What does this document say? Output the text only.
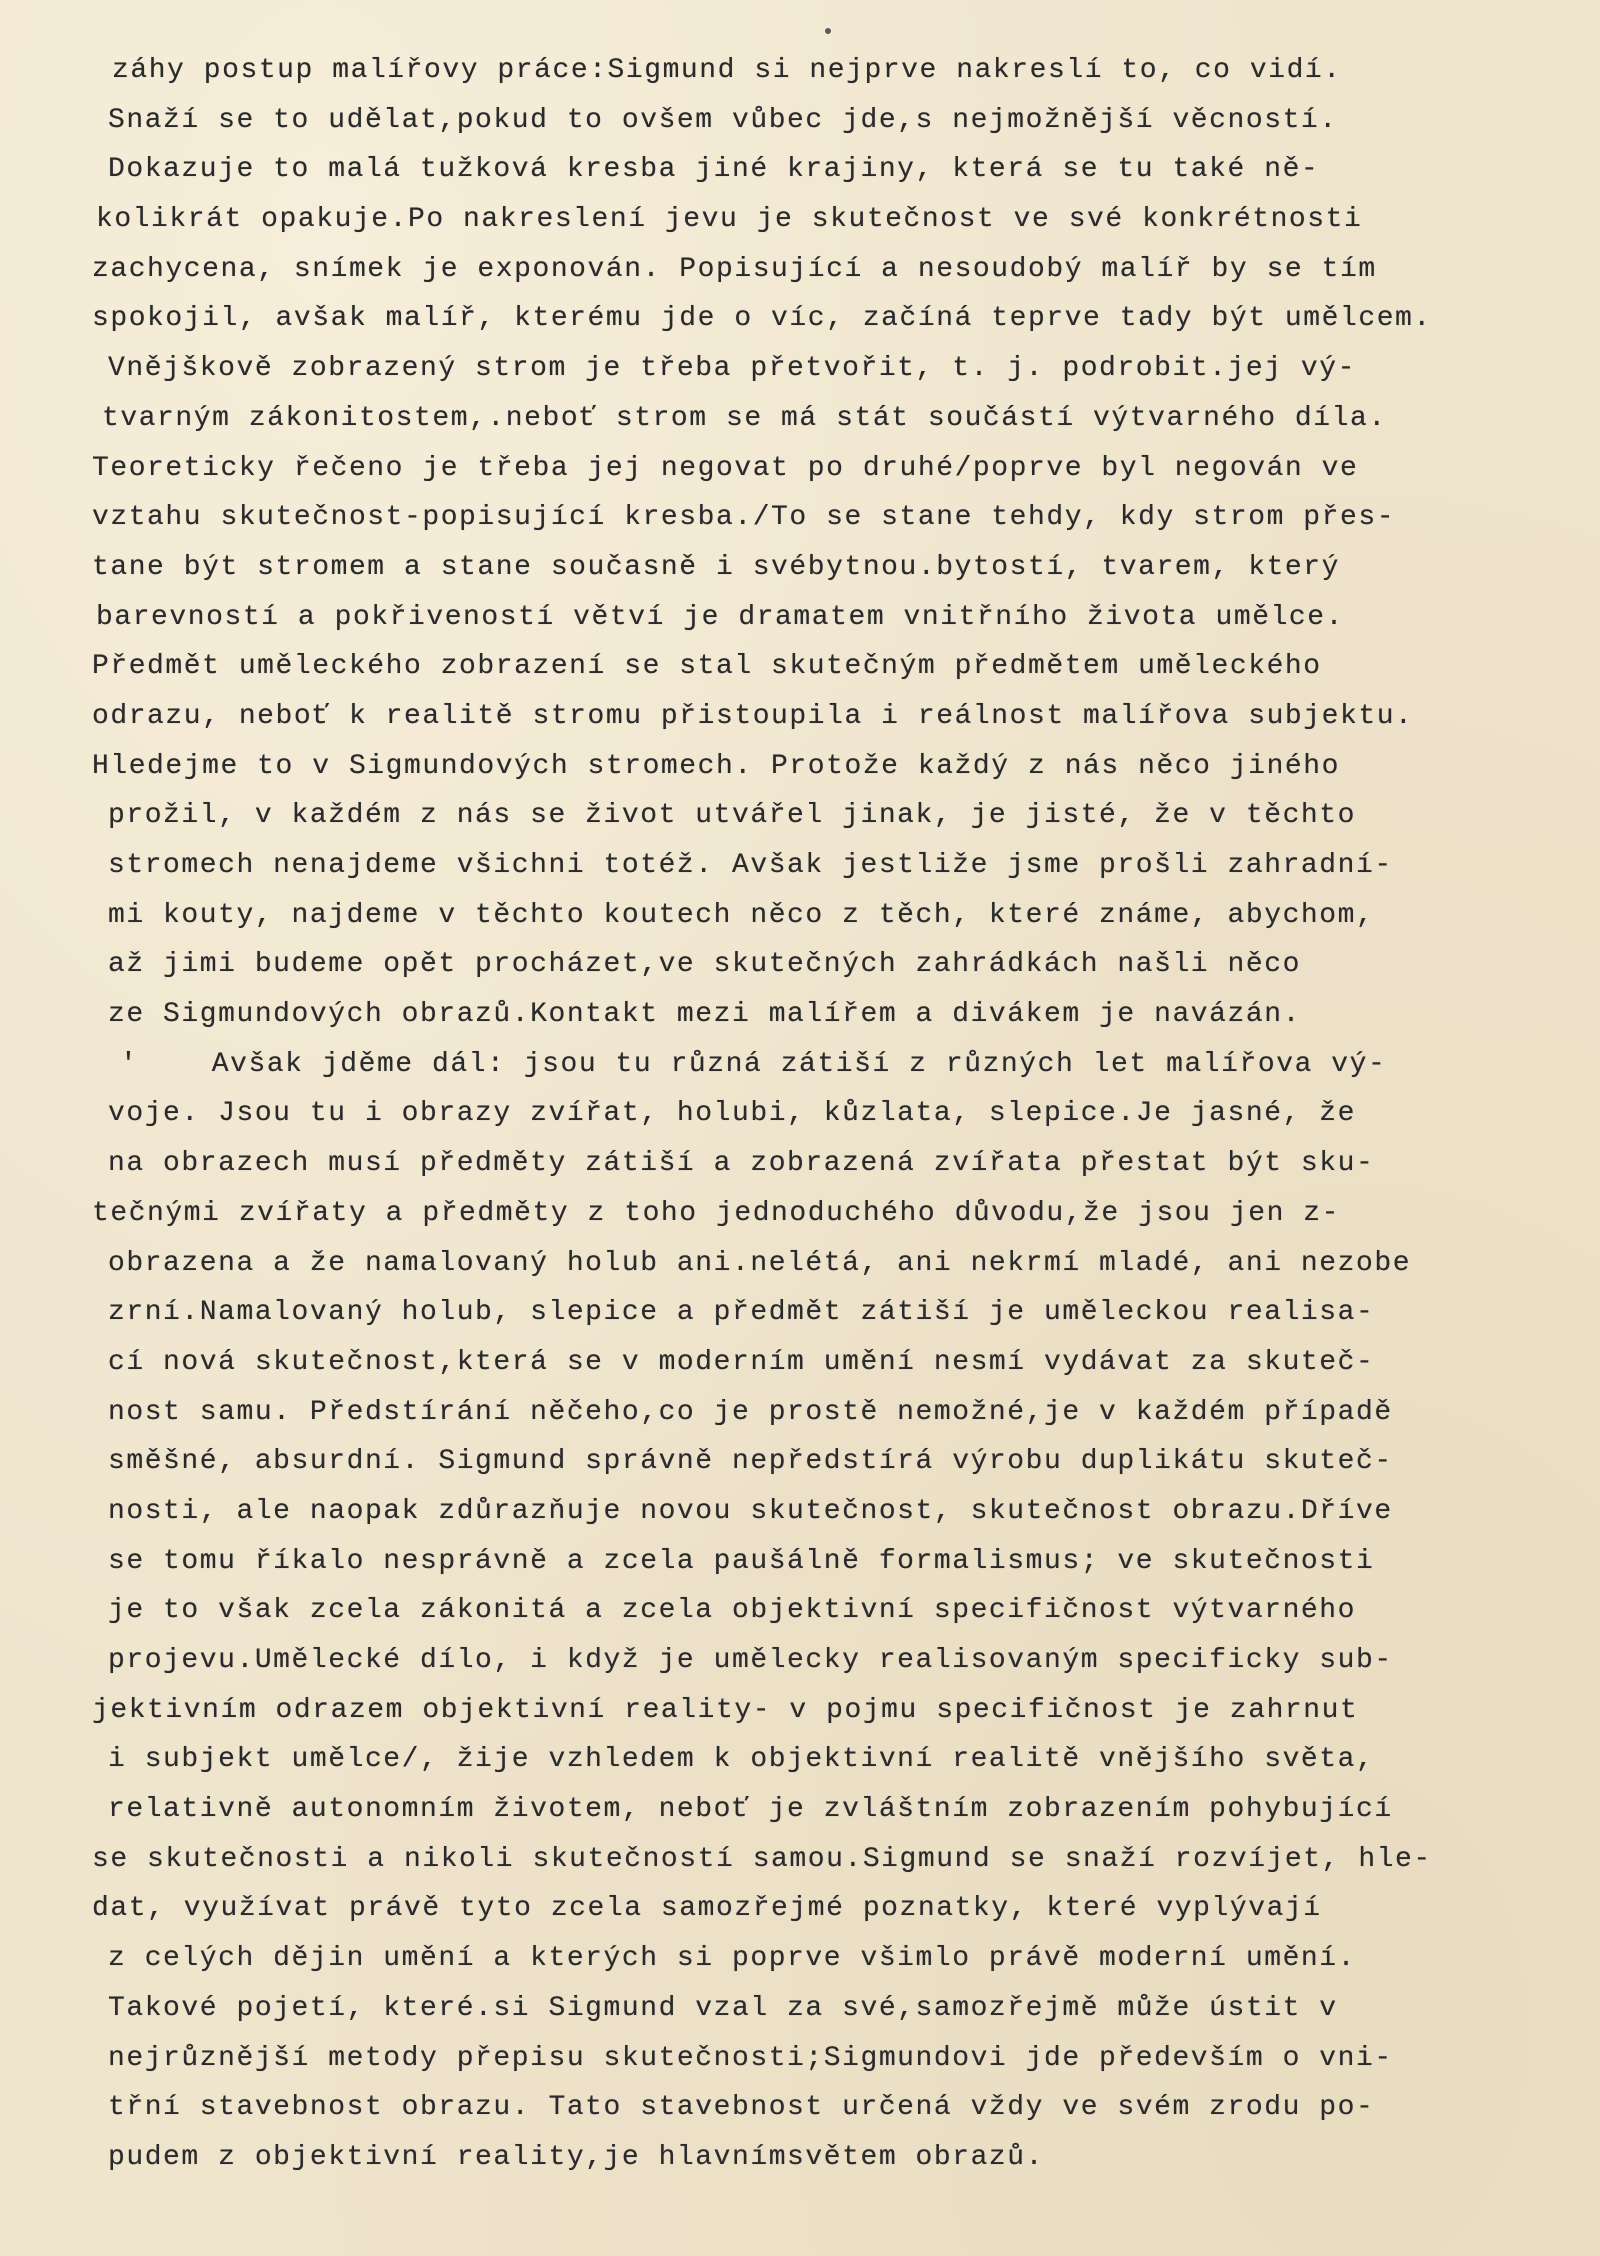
záhy postup malířovy práce:Sigmund si nejprve nakreslí to, co vidí.
Snaží se to udělat,pokud to ovšem vůbec jde,s nejmožnější věcností.
Dokazuje to malá tužková kresba jiné krajiny, která se tu také ně-
kolikrát opakuje.Po nakreslení jevu je skutečnost ve své konkrétnosti
zachycena, snímek je exponován. Popisující a nesoudobý malíř by se tím
spokojil, avšak malíř, kterému jde o víc, začíná teprve tady být umělcem.
Vnějškově zobrazený strom je třeba přetvořit, t. j. podrobit.jej vý-
tvarným zákonitostem,.neboť strom se má stát součástí výtvarného díla.
Teoreticky řečeno je třeba jej negovat po druhé/poprve byl negován ve
vztahu skutečnost-popisující kresba./To se stane tehdy, kdy strom přes-
tane být stromem a stane současně i svébytnou.bytostí, tvarem, který
barevností a pokřiveností větví je dramatem vnitřního života umělce.
Předmět uměleckého zobrazení se stal skutečným předmětem uměleckého
odrazu, neboť k realitě stromu přistoupila i reálnost malířova subjektu.
Hledejme to v Sigmundových stromech. Protože každý z nás něco jiného
prožil, v každém z nás se život utvářel jinak, je jisté, že v těchto
stromech nenajdeme všichni totéž. Avšak jestliže jsme prošli zahradní-
mi kouty, najdeme v těchto koutech něco z těch, které známe, abychom,
až jimi budeme opět procházet,ve skutečných zahrádkách našli něco
ze Sigmundových obrazů.Kontakt mezi malířem a divákem je navázán.
'    Avšak jděme dál: jsou tu různá zátiší z různých let malířova vý-
voje. Jsou tu i obrazy zvířat, holubi, kůzlata, slepice.Je jasné, že
na obrazech musí předměty zátiší a zobrazená zvířata přestat být sku-
tečnými zvířaty a předměty z toho jednoduchého důvodu,že jsou jen z-
obrazena a že namalovaný holub ani.nelétá, ani nekrmí mladé, ani nezobe
zrní.Namalovaný holub, slepice a předmět zátiší je uměleckou realisa-
cí nová skutečnost,která se v moderním umění nesmí vydávat za skuteč-
nost samu. Předstírání něčeho,co je prostě nemožné,je v každém případě
směšné, absurdní. Sigmund správně nepředstírá výrobu duplikátu skuteč-
nosti, ale naopak zdůrazňuje novou skutečnost, skutečnost obrazu.Dříve
se tomu říkalo nesprávně a zcela paušálně formalismus; ve skutečnosti
je to však zcela zákonitá a zcela objektivní specifičnost výtvarného
projevu.Umělecké dílo, i když je umělecky realisovaným specificky sub-
jektivním odrazem objektivní reality- v pojmu specifičnost je zahrnut
i subjekt umělce/, žije vzhledem k objektivní realitě vnějšího světa,
relativně autonomním životem, neboť je zvláštním zobrazením pohybující
se skutečnosti a nikoli skutečností samou.Sigmund se snaží rozvíjet, hle-
dat, využívat právě tyto zcela samozřejmé poznatky, které vyplývají
z celých dějin umění a kterých si poprve všimlo právě moderní umění.
Takové pojetí, které.si Sigmund vzal za své,samozřejmě může ústit v
nejrůznější metody přepisu skutečnosti;Sigmundovi jde především o vni-
třní stavebnost obrazu. Tato stavebnost určená vždy ve svém zrodu po-
pudem z objektivní reality,je hlavnímsvětem obrazů.
